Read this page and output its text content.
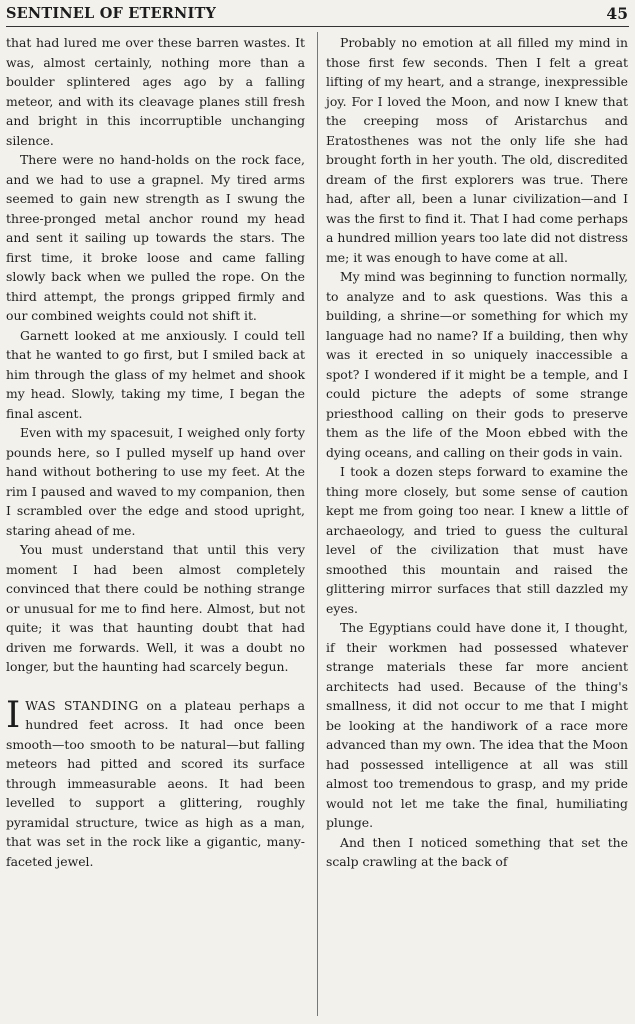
SENTINEL OF ETERNITY	45

that had lured me over these barren wastes. It was, almost certainly, nothing more than a boulder splintered ages ago by a falling meteor, and with its cleavage planes still fresh and bright in this incorruptible unchanging silence.

There were no hand-holds on the rock face, and we had to use a grapnel. My tired arms seemed to gain new strength as I swung the three-pronged metal anchor round my head and sent it sailing up towards the stars. The first time, it broke loose and came falling slowly back when we pulled the rope. On the third attempt, the prongs gripped firmly and our combined weights could not shift it.

Garnett looked at me anxiously. I could tell that he wanted to go first, but I smiled back at him through the glass of my helmet and shook my head. Slowly, taking my time, I began the final ascent.

Even with my spacesuit, I weighed only forty pounds here, so I pulled myself up hand over hand without bothering to use my feet. At the rim I paused and waved to my companion, then I scrambled over the edge and stood upright, staring ahead of me.

You must understand that until this very moment I had been almost completely convinced that there could be nothing strange or unusual for me to find here. Almost, but not quite; it was that haunting doubt that had driven me forwards. Well, it was a doubt no longer, but the haunting had scarcely begun.

IWAS STANDING on a plateau perhaps a hundred feet across. It had once been smooth—too smooth to be natural—but falling meteors had pitted and scored its surface through immeasurable aeons. It had been levelled to support a glittering, roughly pyramidal structure, twice as high as a man, that was set in the rock like a gigantic, many-faceted jewel.

Probably no emotion at all filled my mind in those first few seconds. Then I felt a great lifting of my heart, and a strange, inexpressible joy. For I loved the Moon, and now I knew that the creeping moss of Aristarchus and Eratosthenes was not the only life she had brought forth in her youth. The old, discredited dream of the first explorers was true. There had, after all, been a lunar civilization—and I was the first to find it. That I had come perhaps a hundred million years too late did not distress me; it was enough to have come at all.

My mind was beginning to function normally, to analyze and to ask questions. Was this a building, a shrine—or something for which my language had no name? If a building, then why was it erected in so uniquely inaccessible a spot? I wondered if it might be a temple, and I could picture the adepts of some strange priesthood calling on their gods to preserve them as the life of the Moon ebbed with the dying oceans, and calling on their gods in vain.

I took a dozen steps forward to examine the thing more closely, but some sense of caution kept me from going too near. I knew a little of archaeology, and tried to guess the cultural level of the civilization that must have smoothed this mountain and raised the glittering mirror surfaces that still dazzled my eyes.

The Egyptians could have done it, I thought, if their workmen had possessed whatever strange materials these far more ancient architects had used. Because of the thing's smallness, it did not occur to me that I might be looking at the handiwork of a race more advanced than my own. The idea that the Moon had possessed intelligence at all was still almost too tremendous to grasp, and my pride would not let me take the final, humiliating plunge.

And then I noticed something that set the scalp crawling at the back of
